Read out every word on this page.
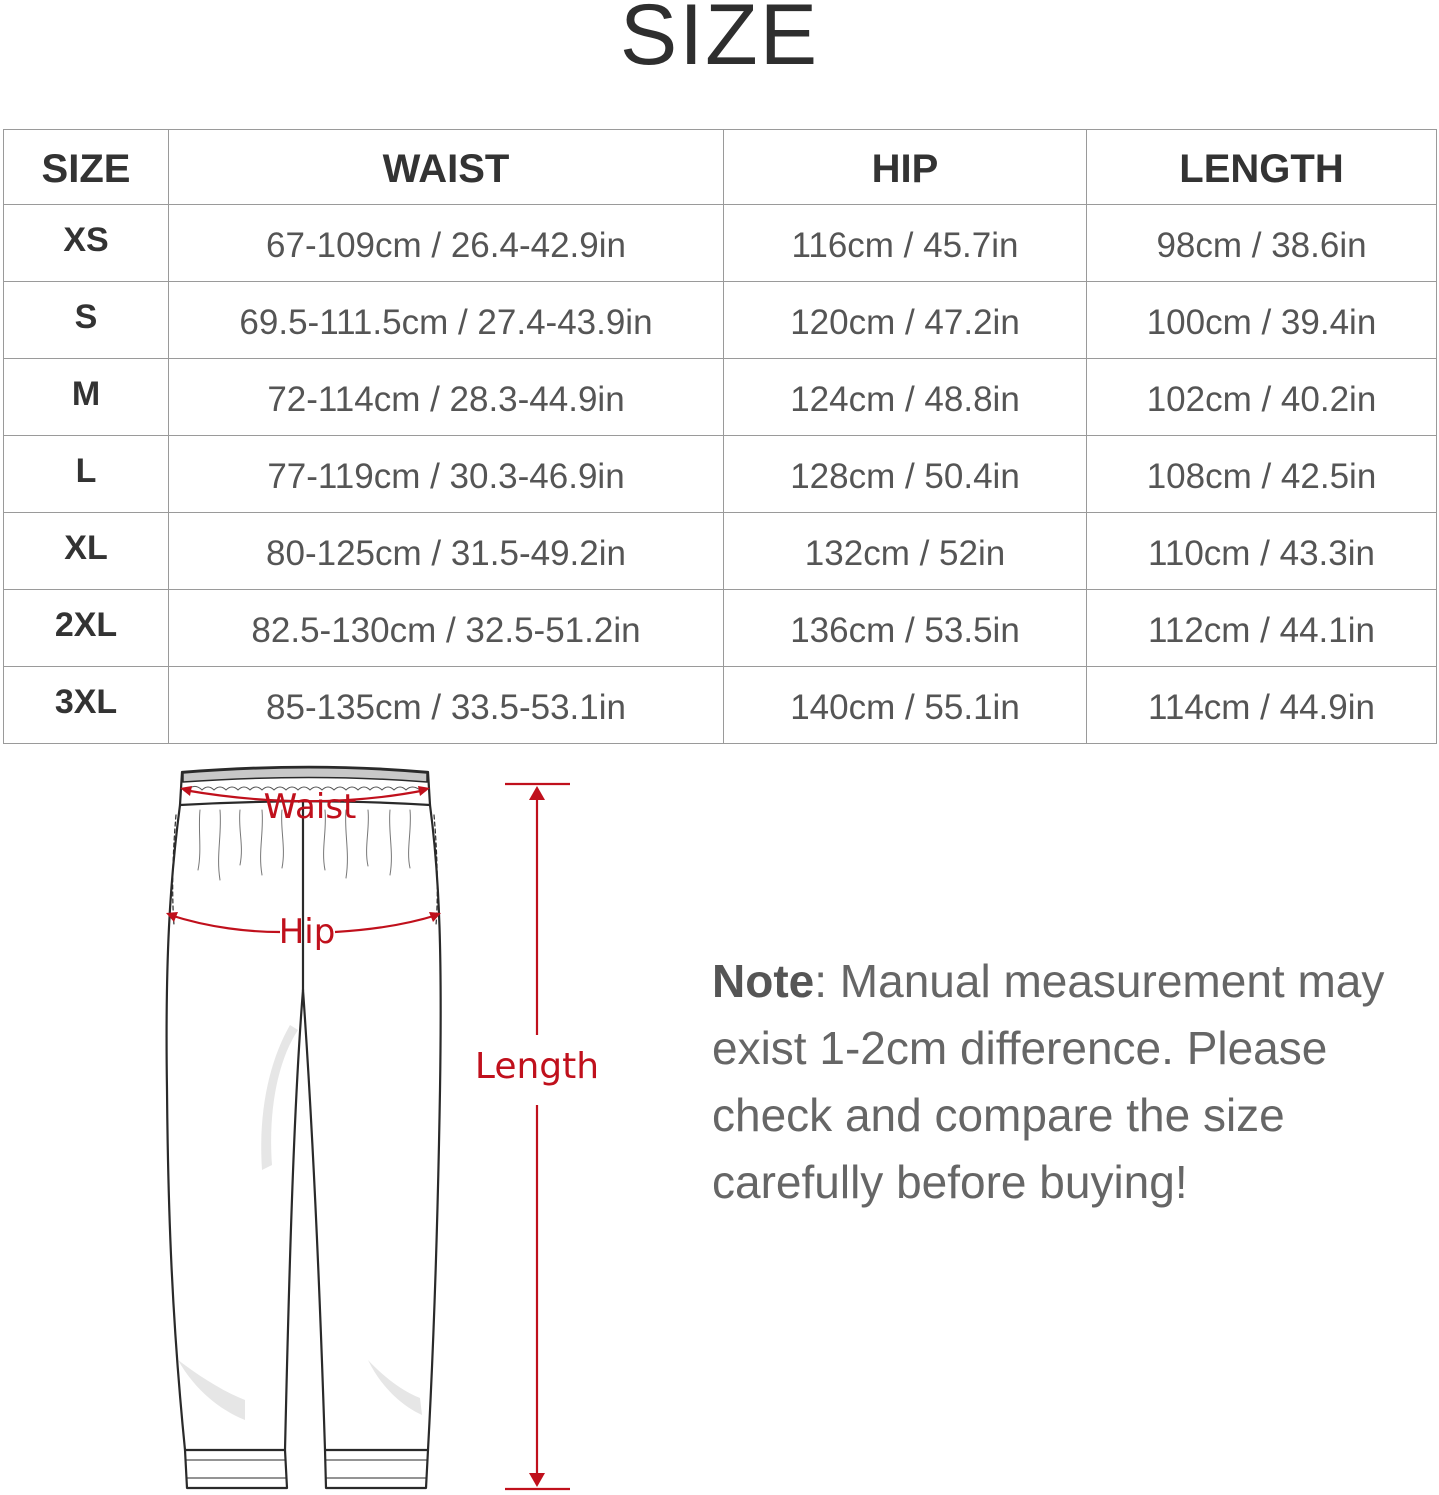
SIZE
SIZE	WAIST	HIP	LENGTH
XS	67-109cm / 26.4-42.9in	116cm / 45.7in	98cm / 38.6in
S	69.5-111.5cm / 27.4-43.9in	120cm / 47.2in	100cm / 39.4in
M	72-114cm / 28.3-44.9in	124cm / 48.8in	102cm / 40.2in
L	77-119cm / 30.3-46.9in	128cm / 50.4in	108cm / 42.5in
XL	80-125cm / 31.5-49.2in	132cm / 52in	110cm / 43.3in
2XL	82.5-130cm / 32.5-51.2in	136cm / 53.5in	112cm / 44.1in
3XL	85-135cm / 33.5-53.1in	140cm / 55.1in	114cm / 44.9in
Waist
Hip
Length
Note: Manual measurement may exist 1-2cm difference. Please check and compare the size carefully before buying!
